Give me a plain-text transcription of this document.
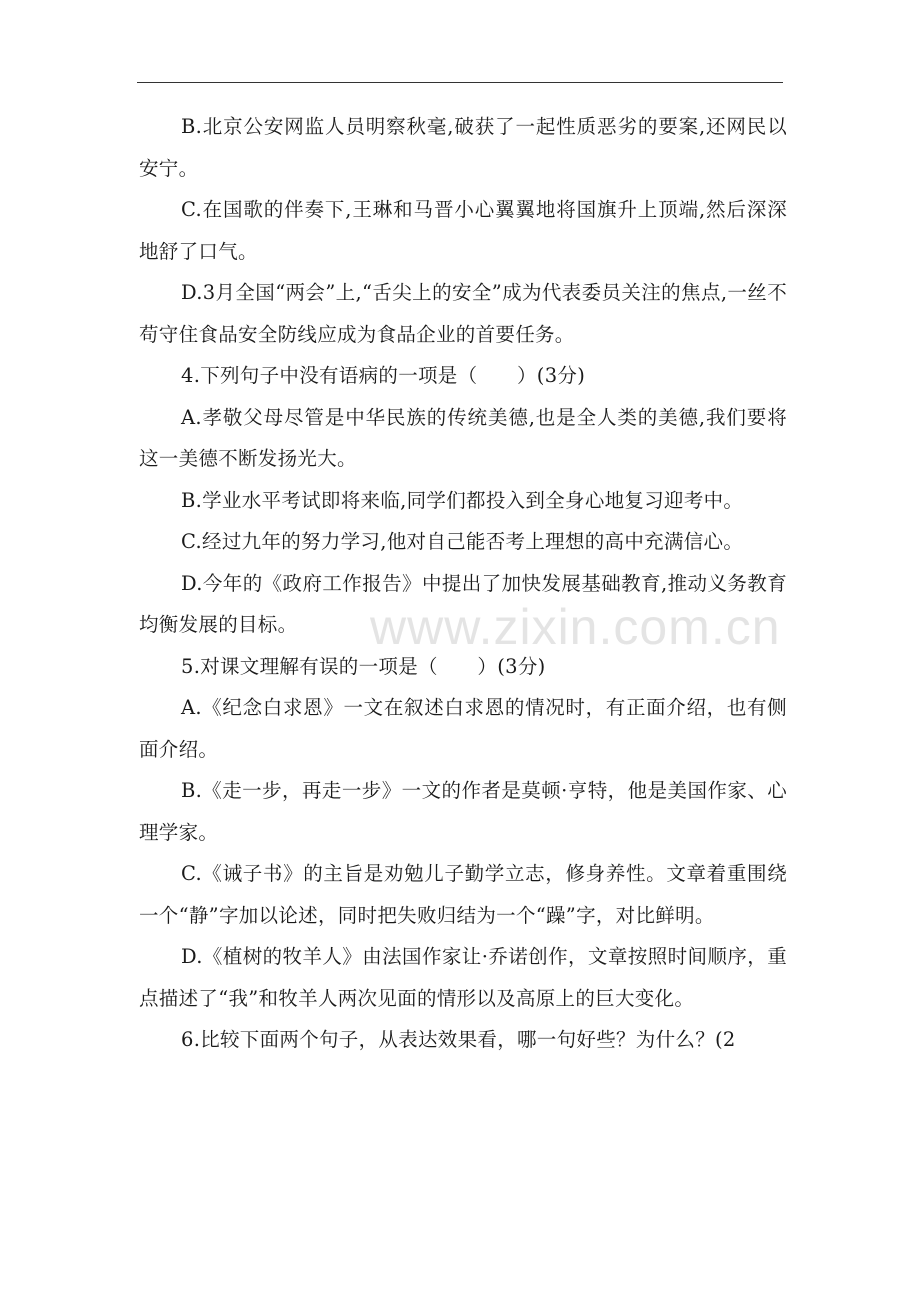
B.北京公安网监人员明察秋毫,破获了一起性质恶劣的要案,还网民以安宁。

C.在国歌的伴奏下,王琳和马晋小心翼翼地将国旗升上顶端,然后深深地舒了口气。

D.3月全国“两会”上,“舌尖上的安全”成为代表委员关注的焦点,一丝不苟守住食品安全防线应成为食品企业的首要任务。

4.下列句子中没有语病的一项是（　　）(3分)

A.孝敬父母尽管是中华民族的传统美德,也是全人类的美德,我们要将这一美德不断发扬光大。

B.学业水平考试即将来临,同学们都投入到全身心地复习迎考中。

C.经过九年的努力学习,他对自己能否考上理想的高中充满信心。

D.今年的《政府工作报告》中提出了加快发展基础教育,推动义务教育均衡发展的目标。

5.对课文理解有误的一项是（　　）(3分)

A.《纪念白求恩》一文在叙述白求恩的情况时，有正面介绍，也有侧面介绍。

B.《走一步，再走一步》一文的作者是莫顿·亨特，他是美国作家、心理学家。

C.《诫子书》的主旨是劝勉儿子勤学立志，修身养性。文章着重围绕一个“静”字加以论述，同时把失败归结为一个“躁”字，对比鲜明。

D.《植树的牧羊人》由法国作家让·乔诺创作，文章按照时间顺序，重点描述了“我”和牧羊人两次见面的情形以及高原上的巨大变化。

6.比较下面两个句子，从表达效果看，哪一句好些？为什么？(2

www.zixin.com.cn
